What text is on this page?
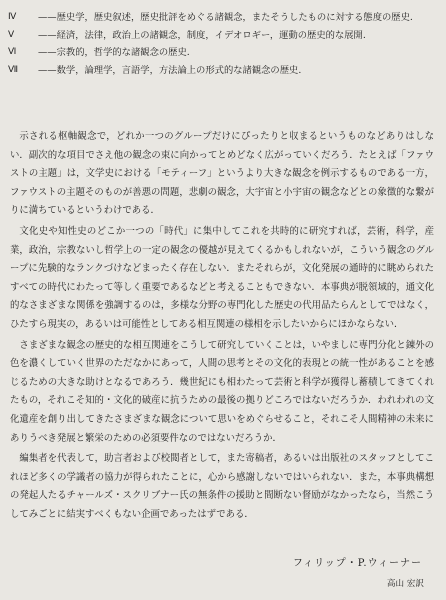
Ⅳ	——歴史学，歴史叙述，歴史批評をめぐる諸観念，またそうしたものに対する態度の歴史.
Ⅴ	——経済，法律，政治上の諸観念，制度，イデオロギー，運動の歴史的な展開.
Ⅵ	——宗教的，哲学的な諸観念の歴史.
Ⅶ	——数学，論理学，言語学，方法論上の形式的な諸観念の歴史.

示される枢軸観念で，どれか一つのグループだけにぴったりと収まるというものなどありはしない．副次的な項目でさえ他の観念の束に向かってとめどなく広がっていくだろう．たとえば「ファウストの主題」は，文学史における「モティーフ」というより大きな観念を例示するものである一方，ファウストの主題そのものが善悪の問題，悲劇の観念，大宇宙と小宇宙の観念などとの象徴的な繋がりに満ちているというわけである．

文化史や知性史のどこか一つの「時代」に集中してこれを共時的に研究すれば，芸術，科学，産業，政治，宗教ないし哲学上の一定の観念の優越が見えてくるかもしれないが，こういう観念のグループに先験的なランクづけなどまったく存在しない．またそれらが，文化発展の通時的に眺められたすべての時代にわたって等しく重要であるなどと考えることもできない．本事典が脱領域的，通文化的なさまざまな関係を強調するのは，多様な分野の専門化した歴史の代用品たらんとしてではなく，ひたすら現実の，あるいは可能性としてある相互関連の様相を示したいからにほかならない．

さまざまな観念の歴史的な相互関連をこうして研究していくことは，いやましに専門分化と錬外の色を濃くしていく世界のただなかにあって，人間の思考とその文化的表現との統一性があることを感じるための大きな助けとなるであろう．幾世紀にも相わたって芸術と科学が獲得し蓄積してきてくれたもの，それこそ知的・文化的破産に抗うための最後の拠りどころではないだろうか．われわれの文化遺産を創り出してきたさまざまな観念について思いをめぐらせること，それこそ人間精神の未来にありうべき発展と繁栄のための必須要件なのではないだろうか．

編集者を代表して，助言者および校閲者として，また寄稿者，あるいは出版社のスタッフとしてこれほど多くの学識者の協力が得られたことに，心から感謝しないではいられない．また，本事典構想の発起人たるチャールズ・スクリブナー氏の無条件の援助と間断ない督励がなかったなら，当然こうしてみごとに結実すべくもない企画であったはずである．

フィリップ・P.ウィーナー
高山 宏訳
